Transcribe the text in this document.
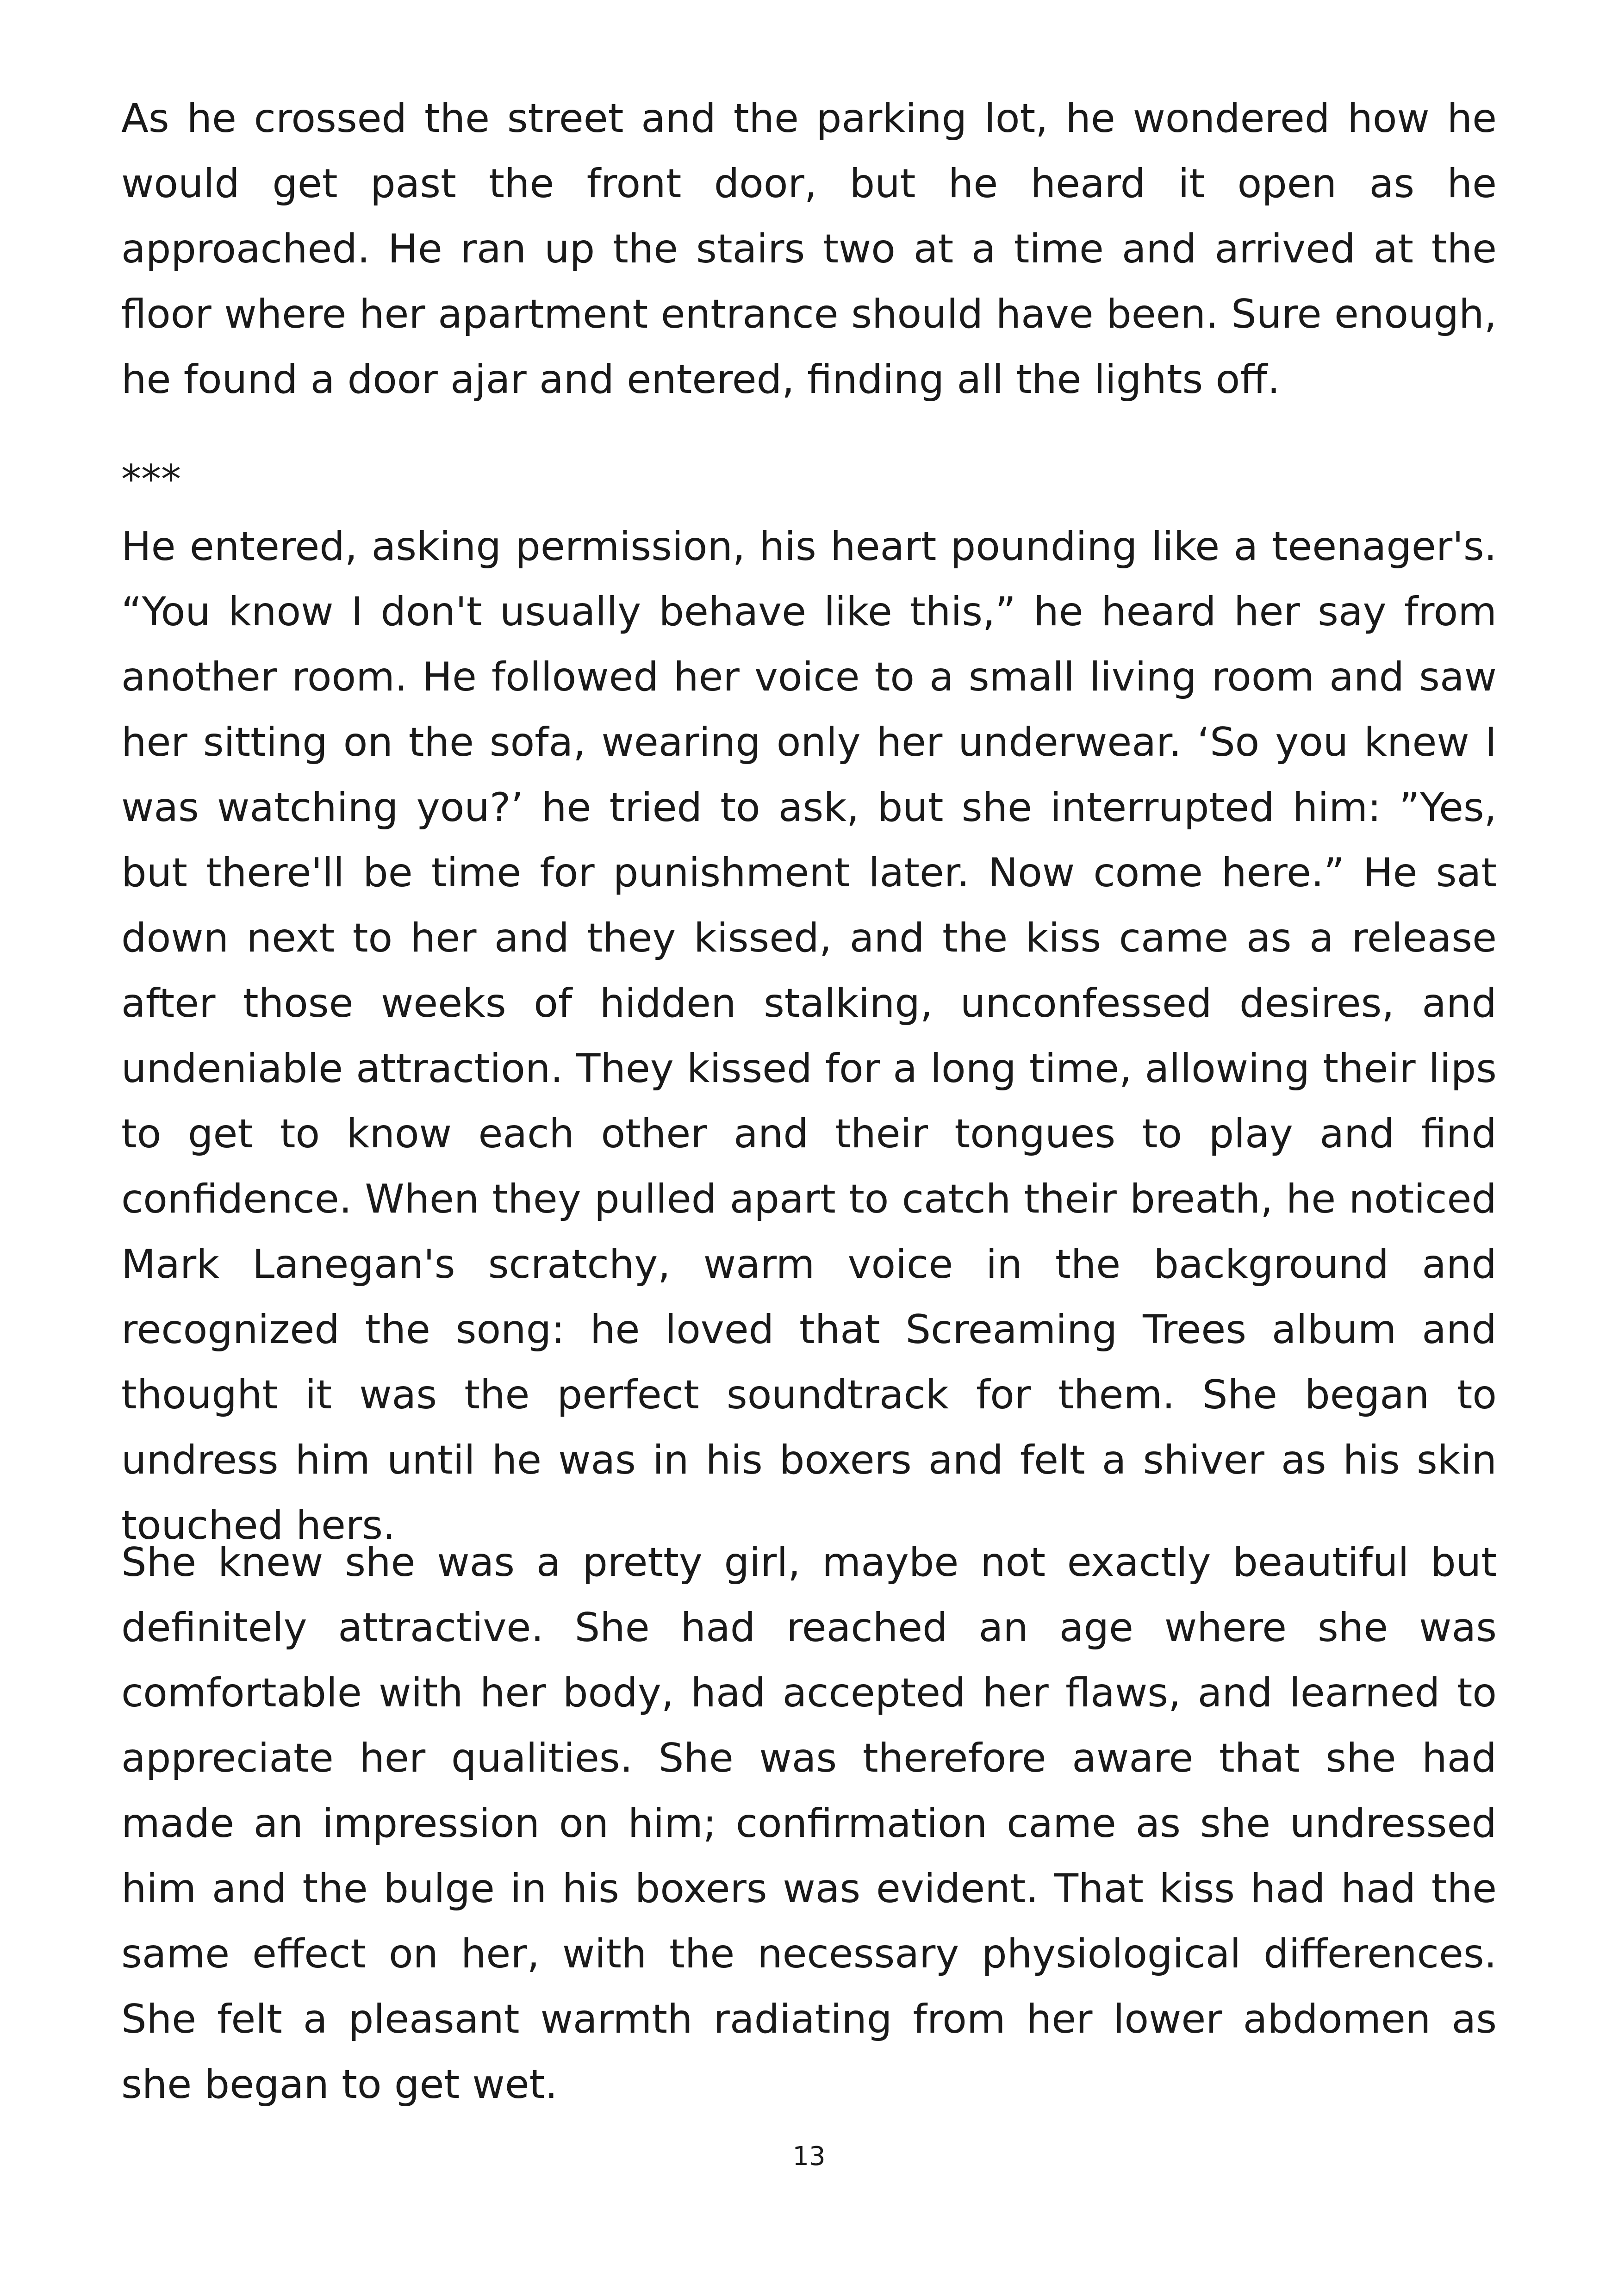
As he crossed the street and the parking lot, he wondered how he would get past the front door, but he heard it open as he approached. He ran up the stairs two at a time and arrived at the floor where her apartment entrance should have been. Sure enough, he found a door ajar and entered, finding all the lights off.

***

He entered, asking permission, his heart pounding like a teenager's. “You know I don't usually behave like this,” he heard her say from another room. He followed her voice to a small living room and saw her sitting on the sofa, wearing only her underwear. ‘So you knew I was watching you?’ he tried to ask, but she interrupted him: ”Yes, but there'll be time for punishment later. Now come here.” He sat down next to her and they kissed, and the kiss came as a release after those weeks of hidden stalking, unconfessed desires, and undeniable attraction. They kissed for a long time, allowing their lips to get to know each other and their tongues to play and find confidence. When they pulled apart to catch their breath, he noticed Mark Lanegan's scratchy, warm voice in the background and recognized the song: he loved that Screaming Trees album and thought it was the perfect soundtrack for them. She began to undress him until he was in his boxers and felt a shiver as his skin touched hers.

She knew she was a pretty girl, maybe not exactly beautiful but definitely attractive. She had reached an age where she was comfortable with her body, had accepted her flaws, and learned to appreciate her qualities. She was therefore aware that she had made an impression on him; confirmation came as she undressed him and the bulge in his boxers was evident. That kiss had had the same effect on her, with the necessary physiological differences. She felt a pleasant warmth radiating from her lower abdomen as she began to get wet.

13
